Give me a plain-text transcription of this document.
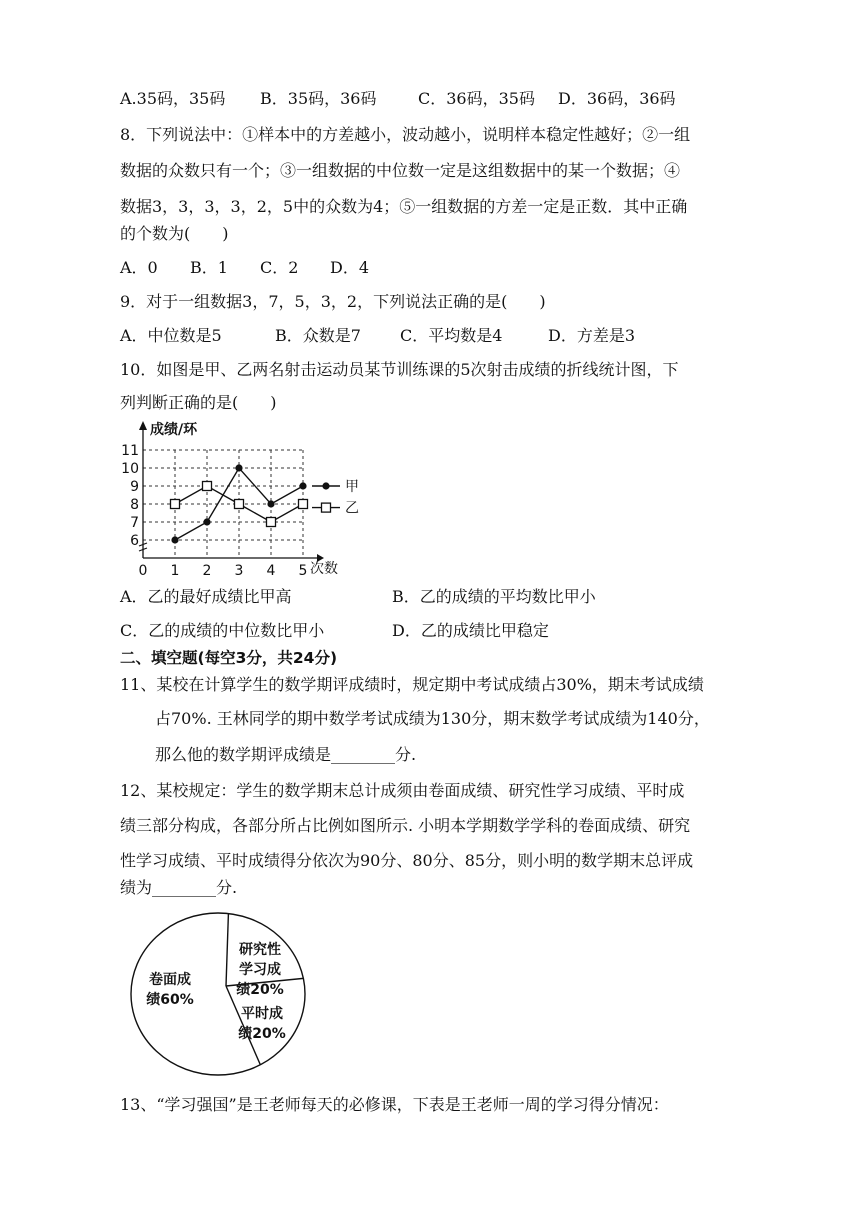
A.35码，35码 B．35码，36码	C．36码，35码 D．36码，36码
8．下列说法中：①样本中的方差越小，波动越小，说明样本稳定性越好；②一组
数据的众数只有一个；③一组数据的中位数一定是这组数据中的某一个数据；④
数据3，3，3，3，2，5中的众数为4；⑤一组数据的方差一定是正数．其中正确
的个数为(　　)
A．0 B．1 C．2 D．4
9．对于一组数据3，7，5，3，2，下列说法正确的是(　　)
A．中位数是5	B．众数是7 C．平均数是4	D．方差是3
10．如图是甲、乙两名射击运动员某节训练课的5次射击成绩的折线统计图，下
列判断正确的是(　　)
6
7
8
9
10
11
0 1 2 3 4 5
甲
乙
成绩/环
次数
A．乙的最好成绩比甲高	B．乙的成绩的平均数比甲小
C．乙的成绩的中位数比甲小	D．乙的成绩比甲稳定
二、填空题(每空3分，共24分)
11、某校在计算学生的数学期评成绩时，规定期中考试成绩占30%，期末考试成绩
占70%. 王林同学的期中数学考试成绩为130分，期末数学考试成绩为140分，
那么他的数学期评成绩是________分.
12、某校规定：学生的数学期末总计成须由卷面成绩、研究性学习成绩、平时成
绩三部分构成，各部分所占比例如图所示. 小明本学期数学学科的卷面成绩、研究
性学习成绩、平时成绩得分依次为90分、80分、85分，则小明的数学期末总评成
绩为________分.
卷面成
绩60%
研究性
学习成
绩20%
平时成
绩20%
13、“学习强国”是王老师每天的必修课，下表是王老师一周的学习得分情况：
